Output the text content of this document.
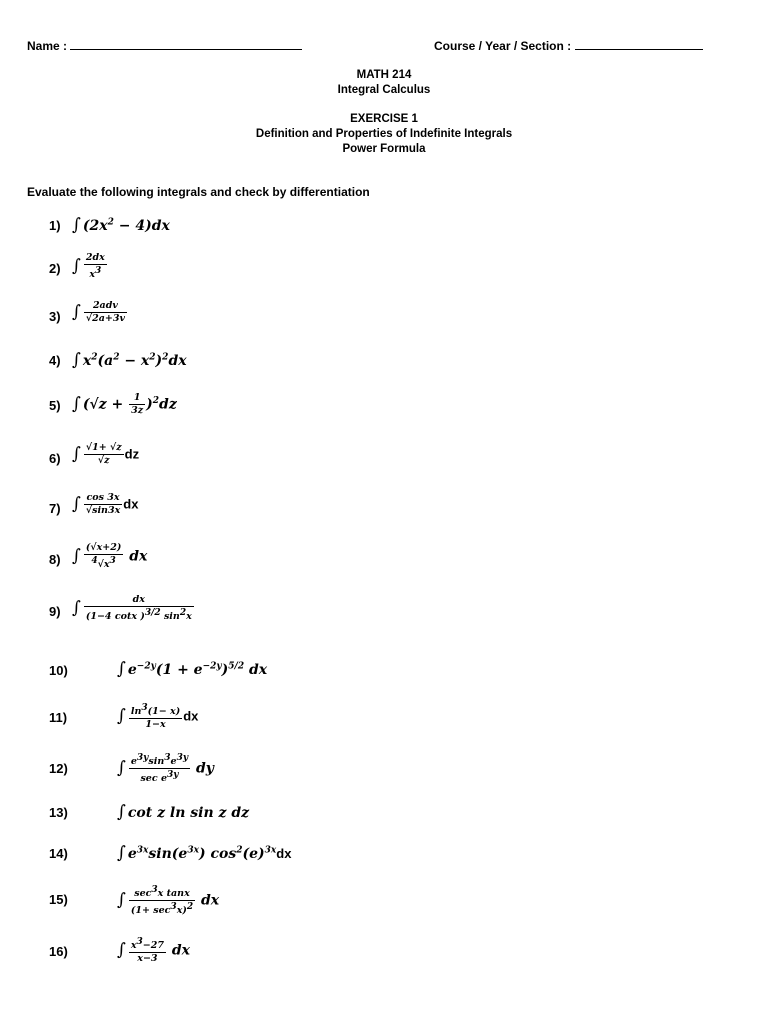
Name :	Course / Year / Section :
MATH 214
Integral Calculus
EXERCISE 1
Definition and Properties of Indefinite Integrals
Power Formula
Evaluate the following integrals and check by differentiation
1) ∫ $(2x^2 - 4)dx$
2) ∫ $\frac{2dx}{x^3}$
3) ∫ $\frac{\text{2adv}}{√2a+3v}$
4) ∫ $x^2(a^2 - x^2)^2dx$
5) ∫ $(√z + \frac{1}{3z} )^2dz$
6) ∫ $\frac{√1+ √z}{√z}$ dz
7) ∫ $\frac{\cos 3x}{√\sin 3x}$ dx
8) ∫ $\frac{(√x+2)}{^4√x^3}$ dx
9) ∫ $\frac{dx}{(1-4 \cot x )^{3/2} \sin^2x}$
10)	∫ $e^{-2y}(1 + e^{-2y})^{5/2}$ dx
11)	∫ $\frac{\ln^3(1- x)}{1-x}$ dx
12)	∫ $\frac{e^{3y}\sin^3e^{3y}}{\sec e^{3y}}$ dy
13)	∫ cot z ln sin z dz
14)	∫ $e^{3x}\sin(e^{3x})$ $\cos^2(e)^{3x}dx$
15)	∫ $\frac{\sec^3x \tan x}{(1+ \sec^3x)^2}$ dx
16)	∫ $\frac{x^3-27}{x-3}$ dx
